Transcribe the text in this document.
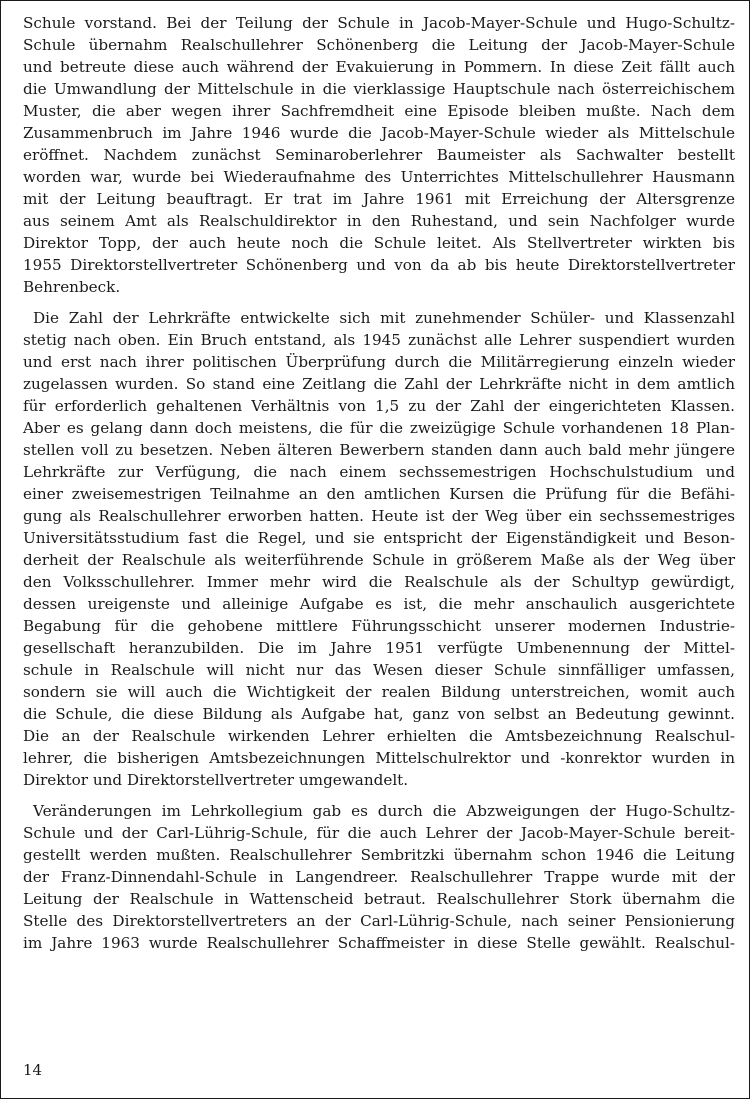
Schule vorstand. Bei der Teilung der Schule in Jacob-Mayer-Schule und Hugo-Schultz-
Schule übernahm Realschullehrer Schönenberg die Leitung der Jacob-Mayer-Schule
und betreute diese auch während der Evakuierung in Pommern. In diese Zeit fällt auch
die Umwandlung der Mittelschule in die vierklassige Hauptschule nach österreichischem
Muster, die aber wegen ihrer Sachfremdheit eine Episode bleiben mußte. Nach dem
Zusammenbruch im Jahre 1946 wurde die Jacob-Mayer-Schule wieder als Mittelschule
eröffnet. Nachdem zunächst Seminaroberlehrer Baumeister als Sachwalter bestellt
worden war, wurde bei Wiederaufnahme des Unterrichtes Mittelschullehrer Hausmann
mit der Leitung beauftragt. Er trat im Jahre 1961 mit Erreichung der Altersgrenze
aus seinem Amt als Realschuldirektor in den Ruhestand, und sein Nachfolger wurde
Direktor Topp, der auch heute noch die Schule leitet. Als Stellvertreter wirkten bis
1955 Direktorstellvertreter Schönenberg und von da ab bis heute Direktorstellvertreter
Behrenbeck.

Die Zahl der Lehrkräfte entwickelte sich mit zunehmender Schüler- und Klassenzahl
stetig nach oben. Ein Bruch entstand, als 1945 zunächst alle Lehrer suspendiert wurden
und erst nach ihrer politischen Überprüfung durch die Militärregierung einzeln wieder
zugelassen wurden. So stand eine Zeitlang die Zahl der Lehrkräfte nicht in dem amtlich
für erforderlich gehaltenen Verhältnis von 1,5 zu der Zahl der eingerichteten Klassen.
Aber es gelang dann doch meistens, die für die zweizügige Schule vorhandenen 18 Plan-
stellen voll zu besetzen. Neben älteren Bewerbern standen dann auch bald mehr jüngere
Lehrkräfte zur Verfügung, die nach einem sechssemestrigen Hochschulstudium und
einer zweisemestrigen Teilnahme an den amtlichen Kursen die Prüfung für die Befähi-
gung als Realschullehrer erworben hatten. Heute ist der Weg über ein sechssemestriges
Universitätsstudium fast die Regel, und sie entspricht der Eigenständigkeit und Beson-
derheit der Realschule als weiterführende Schule in größerem Maße als der Weg über
den Volksschullehrer. Immer mehr wird die Realschule als der Schultyp gewürdigt,
dessen ureigenste und alleinige Aufgabe es ist, die mehr anschaulich ausgerichtete
Begabung für die gehobene mittlere Führungsschicht unserer modernen Industrie-
gesellschaft heranzubilden. Die im Jahre 1951 verfügte Umbenennung der Mittel-
schule in Realschule will nicht nur das Wesen dieser Schule sinnfälliger umfassen,
sondern sie will auch die Wichtigkeit der realen Bildung unterstreichen, womit auch
die Schule, die diese Bildung als Aufgabe hat, ganz von selbst an Bedeutung gewinnt.
Die an der Realschule wirkenden Lehrer erhielten die Amtsbezeichnung Realschul-
lehrer, die bisherigen Amtsbezeichnungen Mittelschulrektor und -konrektor wurden in
Direktor und Direktorstellvertreter umgewandelt.

Veränderungen im Lehrkollegium gab es durch die Abzweigungen der Hugo-Schultz-
Schule und der Carl-Lührig-Schule, für die auch Lehrer der Jacob-Mayer-Schule bereit-
gestellt werden mußten. Realschullehrer Sembritzki übernahm schon 1946 die Leitung
der Franz-Dinnendahl-Schule in Langendreer. Realschullehrer Trappe wurde mit der
Leitung der Realschule in Wattenscheid betraut. Realschullehrer Stork übernahm die
Stelle des Direktorstellvertreters an der Carl-Lührig-Schule, nach seiner Pensionierung
im Jahre 1963 wurde Realschullehrer Schaffmeister in diese Stelle gewählt. Realschul-

14
